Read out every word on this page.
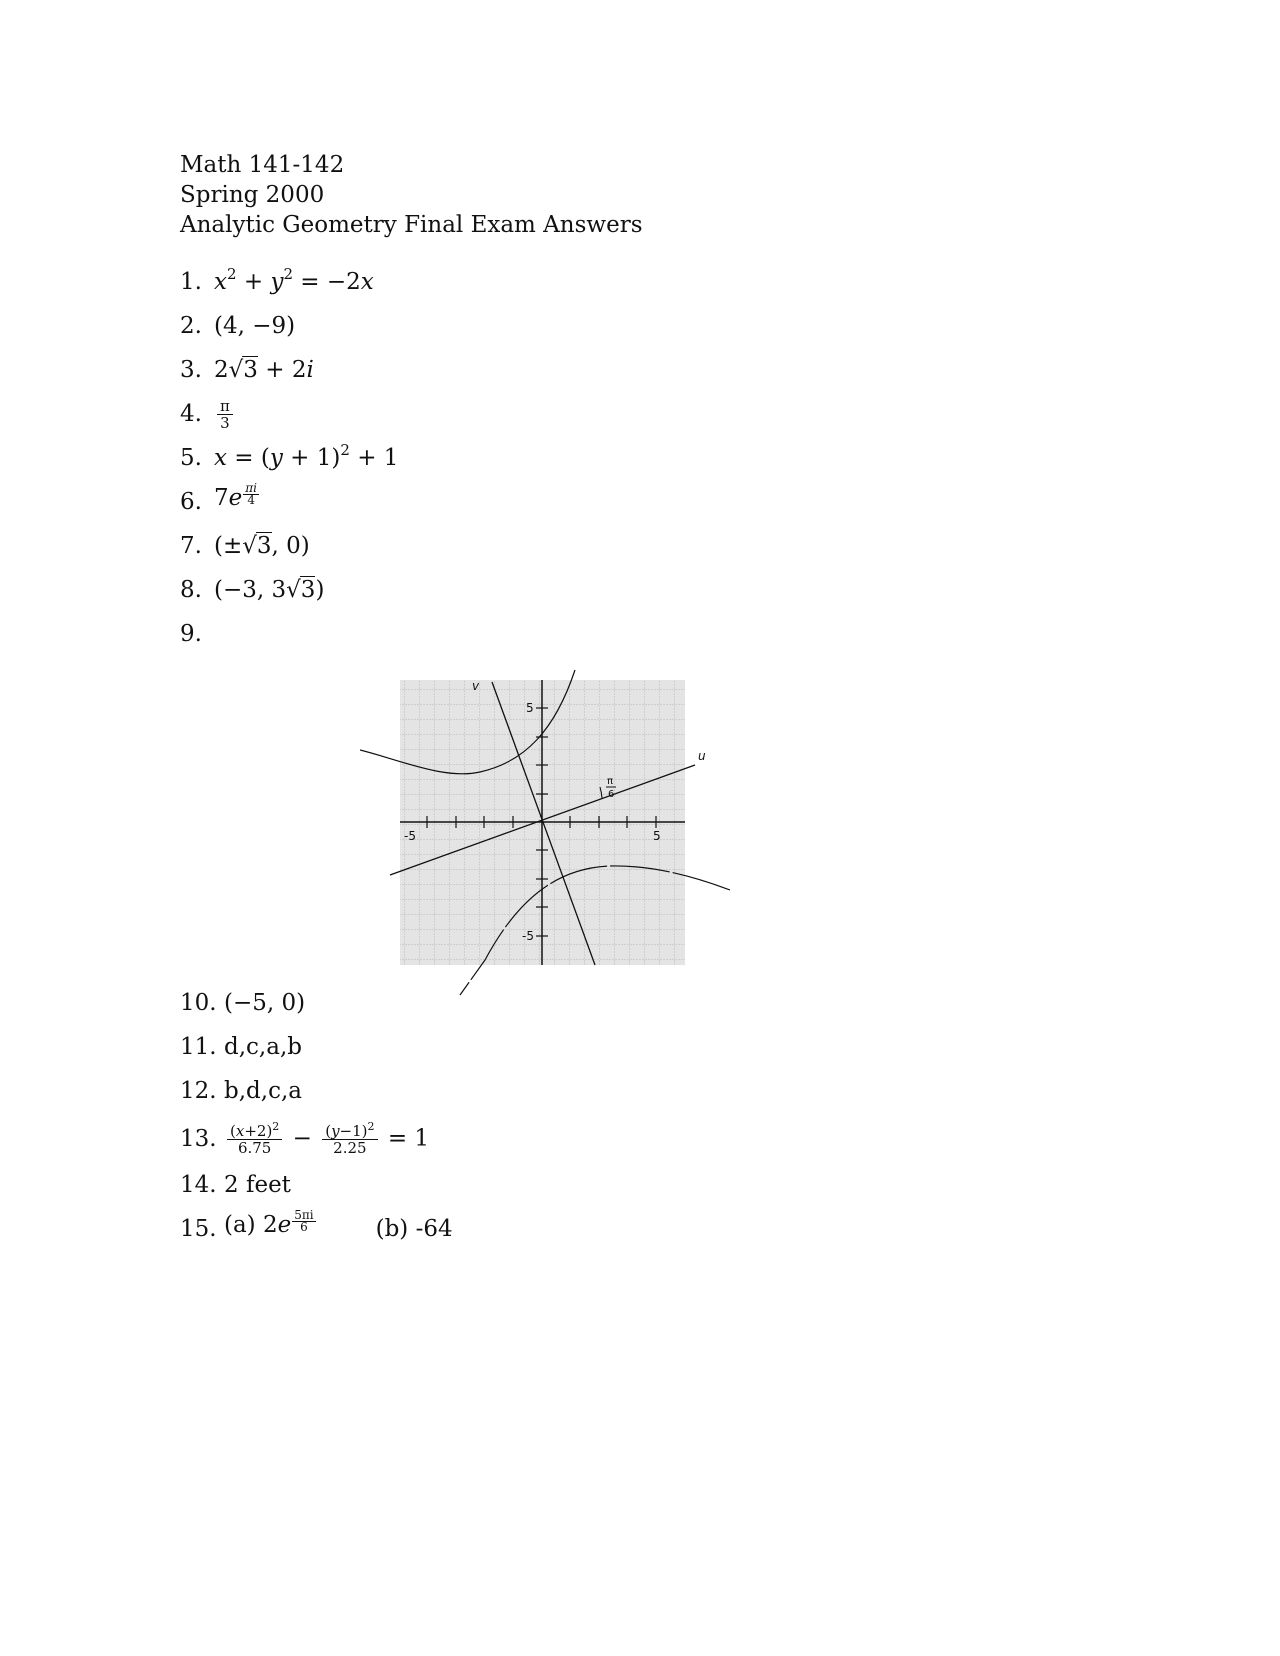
Math 141-142
Spring 2000
Analytic Geometry Final Exam Answers
1. $x^2 + y^2 = -2x$
2. (4, −9)
3. 2√3 + 2i
4.	$\frac{\pi}{3}$
5. $x = (y + 1)^2 + 1$
6. $7e \frac{\pi i}{4}$
7. (±√3, 0)
8. (−3, 3√3)
9.
v
u
-5	5
5
-5
π
6
10. (−5, 0)
11. d,c,a,b
12. b,d,c,a
13. $\frac{(x+2)^2}{6.75} - \frac{(y-1)^2}{2.25} = 1$
14. 2 feet
15. (a) $2e \frac{5\pi i}{6}$	(b) -64
